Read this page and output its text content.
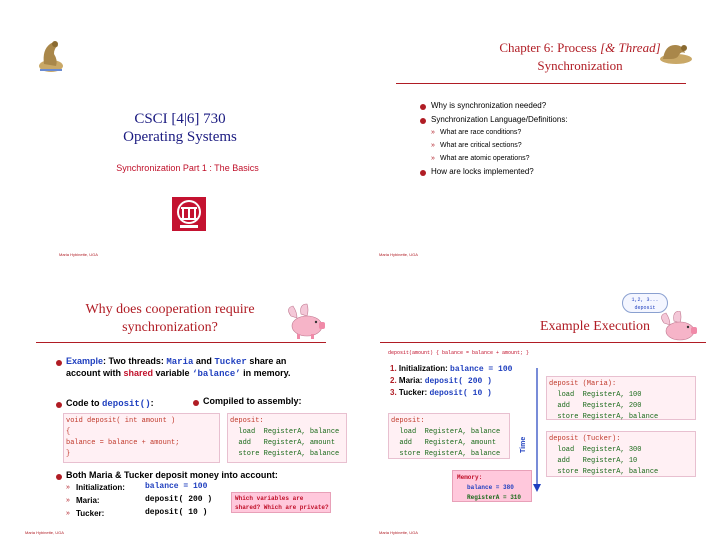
CSCI [4|6] 730
Operating Systems
Synchronization Part 1 : The Basics
Maria Hybinette, UGA
Chapter 6: Process [& Thread]
Synchronization
Why is synchronization needed?
Synchronization Language/Definitions:
» What are race conditions?
» What are critical sections?
» What are atomic operations?
How are locks implemented?
Maria Hybinette, UGA
Why does cooperation require
synchronization?
Example: Two threads: Maria and Tucker share an
account with shared variable ‘balance’ in memory.
Code to deposit():	Compiled to assembly:
void deposit( int amount )
{
balance = balance + amount;
}
deposit:
load RegisterA, balance
add RegisterA, amount
store RegisterA, balance
Both Maria & Tucker deposit money into account:
» Initialization:	balance = 100
» Maria:	deposit( 200 )
» Tucker:	deposit( 10 )
Which variables are
shared? Which are private?
Maria Hybinette, UGA
1,2, 3...
deposit
Example Execution
deposit(amount) { balance = balance + amount; }
1. Initialization: balance = 100
2. Maria: deposit( 200 )
3. Tucker: deposit( 10 )
deposit:
load RegisterA, balance
add RegisterA, amount
store RegisterA, balance
deposit (Maria):
load RegisterA, 100
add RegisterA, 200
store RegisterA, balance
deposit (Tucker):
load RegisterA, 300
add RegisterA, 10
store RegisterA, balance
Time
Memory:
balance = 380
RegisterA = 310
Maria Hybinette, UGA
